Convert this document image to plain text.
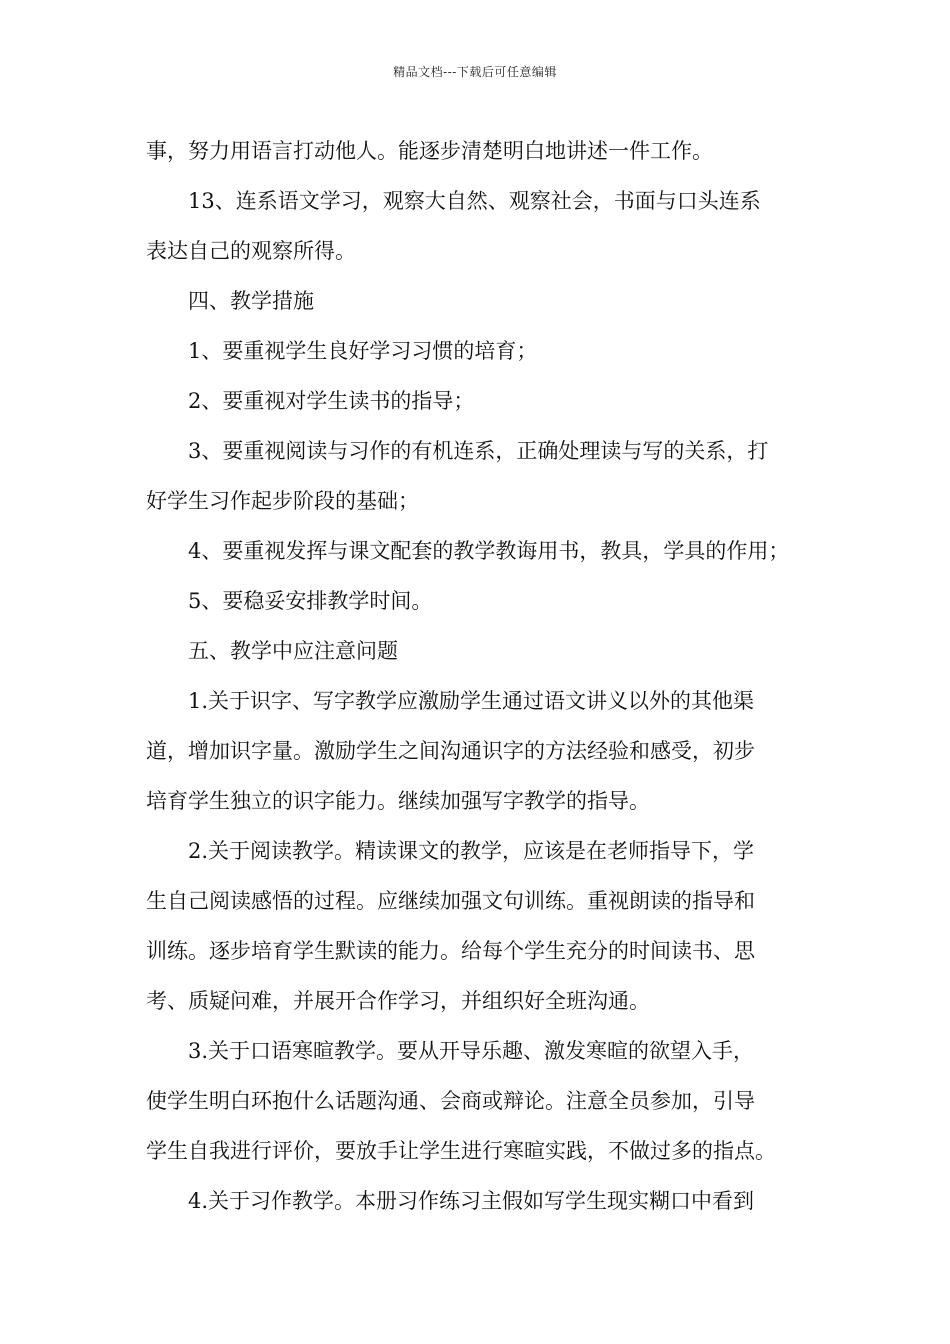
精品文档---下载后可任意编辑
事，努力用语言打动他人。能逐步清楚明白地讲述一件工作。
13、连系语文学习，观察大自然、观察社会，书面与口头连系
表达自己的观察所得。
四、教学措施
1、要重视学生良好学习习惯的培育；
2、要重视对学生读书的指导；
3、要重视阅读与习作的有机连系，正确处理读与写的关系，打
好学生习作起步阶段的基础；
4、要重视发挥与课文配套的教学教诲用书，教具，学具的作用；
5、要稳妥安排教学时间。
五、教学中应注意问题
1.关于识字、写字教学应激励学生通过语文讲义以外的其他渠
道，增加识字量。激励学生之间沟通识字的方法经验和感受，初步
培育学生独立的识字能力。继续加强写字教学的指导。
2.关于阅读教学。精读课文的教学，应该是在老师指导下，学
生自己阅读感悟的过程。应继续加强文句训练。重视朗读的指导和
训练。逐步培育学生默读的能力。给每个学生充分的时间读书、思
考、质疑问难，并展开合作学习，并组织好全班沟通。
3.关于口语寒暄教学。要从开导乐趣、激发寒暄的欲望入手，
使学生明白环抱什么话题沟通、会商或辩论。注意全员参加，引导
学生自我进行评价，要放手让学生进行寒暄实践，不做过多的指点。
4.关于习作教学。本册习作练习主假如写学生现实糊口中看到
